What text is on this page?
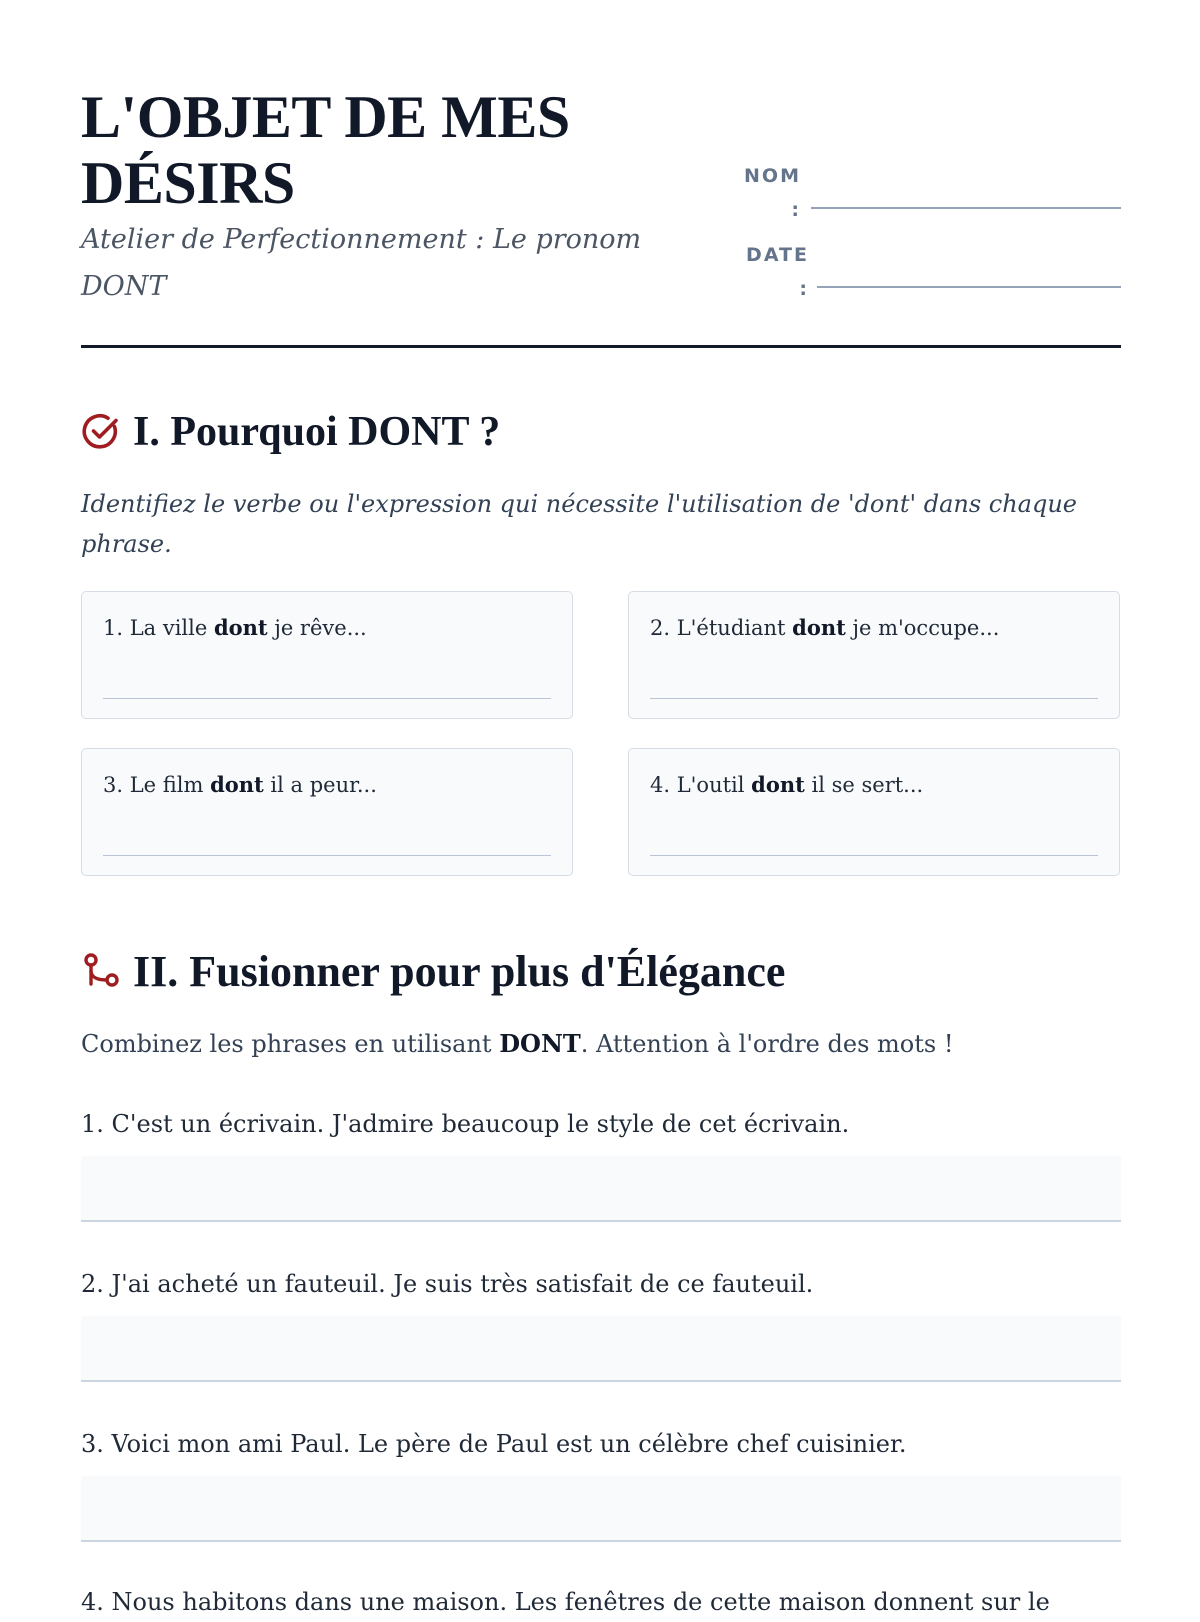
L'OBJET DE MES
DÉSIRS
Atelier de Perfectionnement : Le pronom DONT
NOM
:
DATE
:
I. Pourquoi DONT ?
Identifiez le verbe ou l'expression qui nécessite l'utilisation de 'dont' dans chaque phrase.
1. La ville dont je rêve...	2. L'étudiant dont je m'occupe...
3. Le film dont il a peur...	4. L'outil dont il se sert...
II. Fusionner pour plus d'Élégance
Combinez les phrases en utilisant DONT. Attention à l'ordre des mots !
1. C'est un écrivain. J'admire beaucoup le style de cet écrivain.
2. J'ai acheté un fauteuil. Je suis très satisfait de ce fauteuil.
3. Voici mon ami Paul. Le père de Paul est un célèbre chef cuisinier.
4. Nous habitons dans une maison. Les fenêtres de cette maison donnent sur le
